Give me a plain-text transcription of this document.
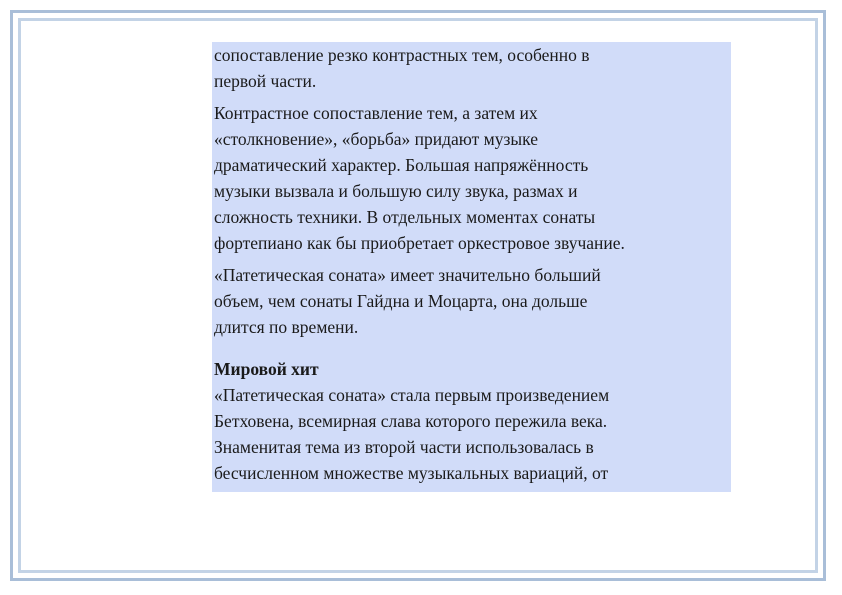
сопоставление резко контрастных тем, особенно в
первой части.

Контрастное сопоставление тем, а затем их
«столкновение», «борьба» придают музыке
драматический характер. Большая напряжённость
музыки вызвала и большую силу звука, размах и
сложность техники. В отдельных моментах сонаты
фортепиано как бы приобретает оркестровое звучание.

«Патетическая соната» имеет значительно больший
объем, чем сонаты Гайдна и Моцарта, она дольше
длится по времени.

Мировой хит
«Патетическая соната» стала первым произведением
Бетховена, всемирная слава которого пережила века.
Знаменитая тема из второй части использовалась в
бесчисленном множестве музыкальных вариаций, от
